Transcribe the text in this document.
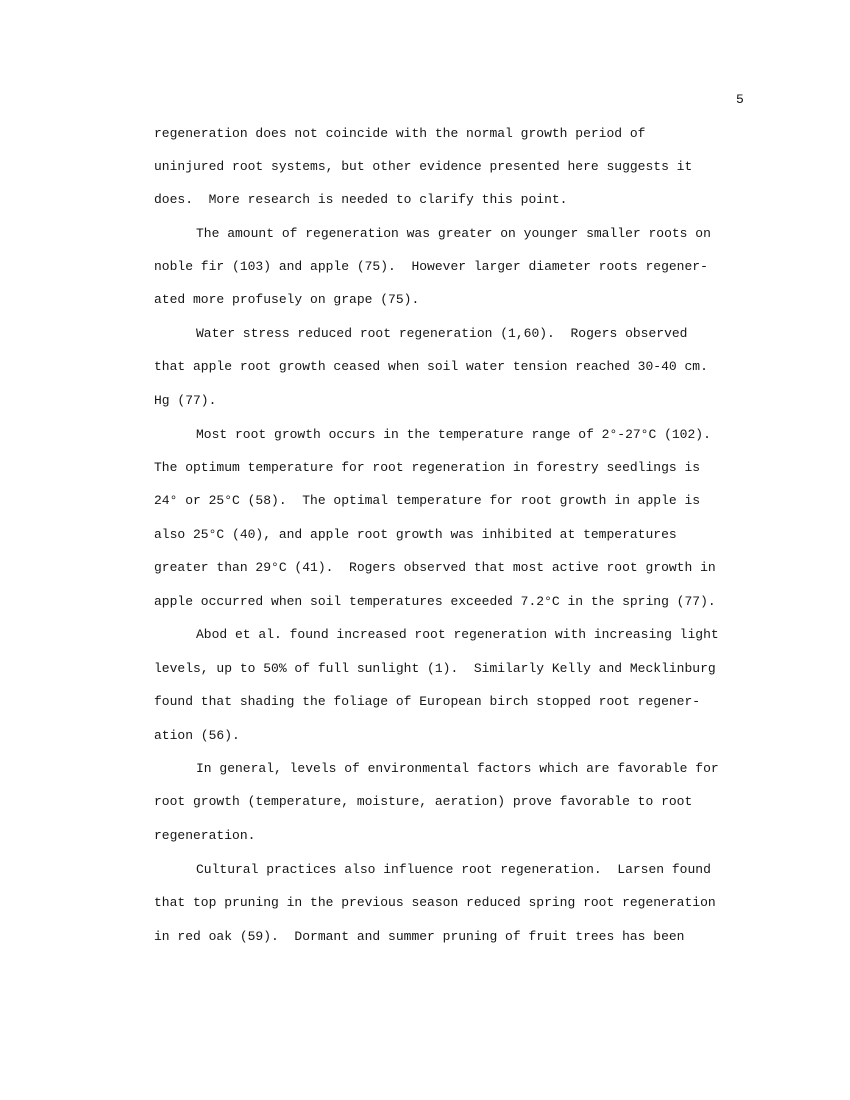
5
regeneration does not coincide with the normal growth period of
uninjured root systems, but other evidence presented here suggests it
does.  More research is needed to clarify this point.
The amount of regeneration was greater on younger smaller roots on
noble fir (103) and apple (75).  However larger diameter roots regener-
ated more profusely on grape (75).
Water stress reduced root regeneration (1,60).  Rogers observed
that apple root growth ceased when soil water tension reached 30-40 cm.
Hg (77).
Most root growth occurs in the temperature range of 2°-27°C (102).
The optimum temperature for root regeneration in forestry seedlings is
24° or 25°C (58).  The optimal temperature for root growth in apple is
also 25°C (40), and apple root growth was inhibited at temperatures
greater than 29°C (41).  Rogers observed that most active root growth in
apple occurred when soil temperatures exceeded 7.2°C in the spring (77).
Abod et al. found increased root regeneration with increasing light
levels, up to 50% of full sunlight (1).  Similarly Kelly and Mecklinburg
found that shading the foliage of European birch stopped root regener-
ation (56).
In general, levels of environmental factors which are favorable for
root growth (temperature, moisture, aeration) prove favorable to root
regeneration.
Cultural practices also influence root regeneration.  Larsen found
that top pruning in the previous season reduced spring root regeneration
in red oak (59).  Dormant and summer pruning of fruit trees has been
